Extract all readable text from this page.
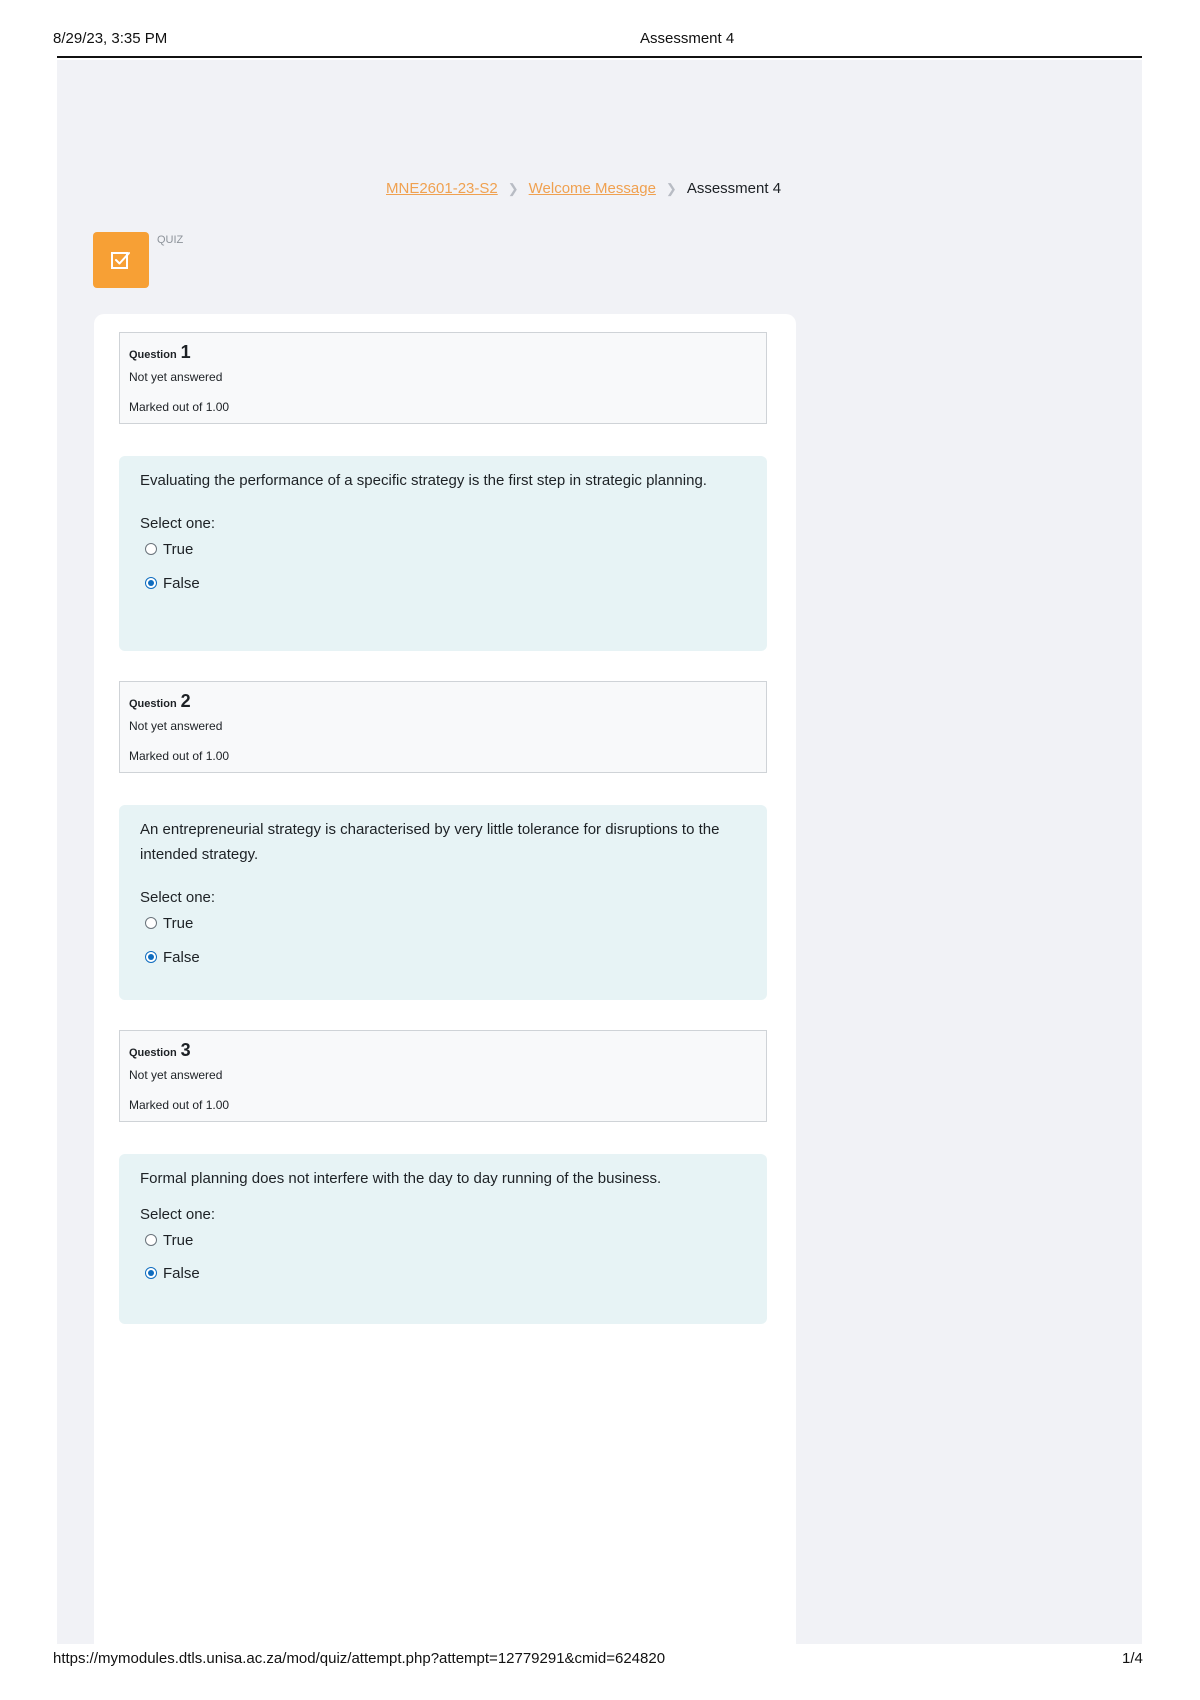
8/29/23, 3:35 PM	Assessment 4
MNE2601-23-S2 ❯ Welcome Message ❯ Assessment 4
QUIZ
Question 1
Not yet answered
Marked out of 1.00

Evaluating the performance of a specific strategy is the first step in strategic planning.

Select one:
True
False
Question 2
Not yet answered
Marked out of 1.00

An entrepreneurial strategy is characterised by very little tolerance for disruptions to the intended strategy.

Select one:
True
False
Question 3
Not yet answered
Marked out of 1.00

Formal planning does not interfere with the day to day running of the business.

Select one:
True
False
https://mymodules.dtls.unisa.ac.za/mod/quiz/attempt.php?attempt=12779291&cmid=624820	1/4
